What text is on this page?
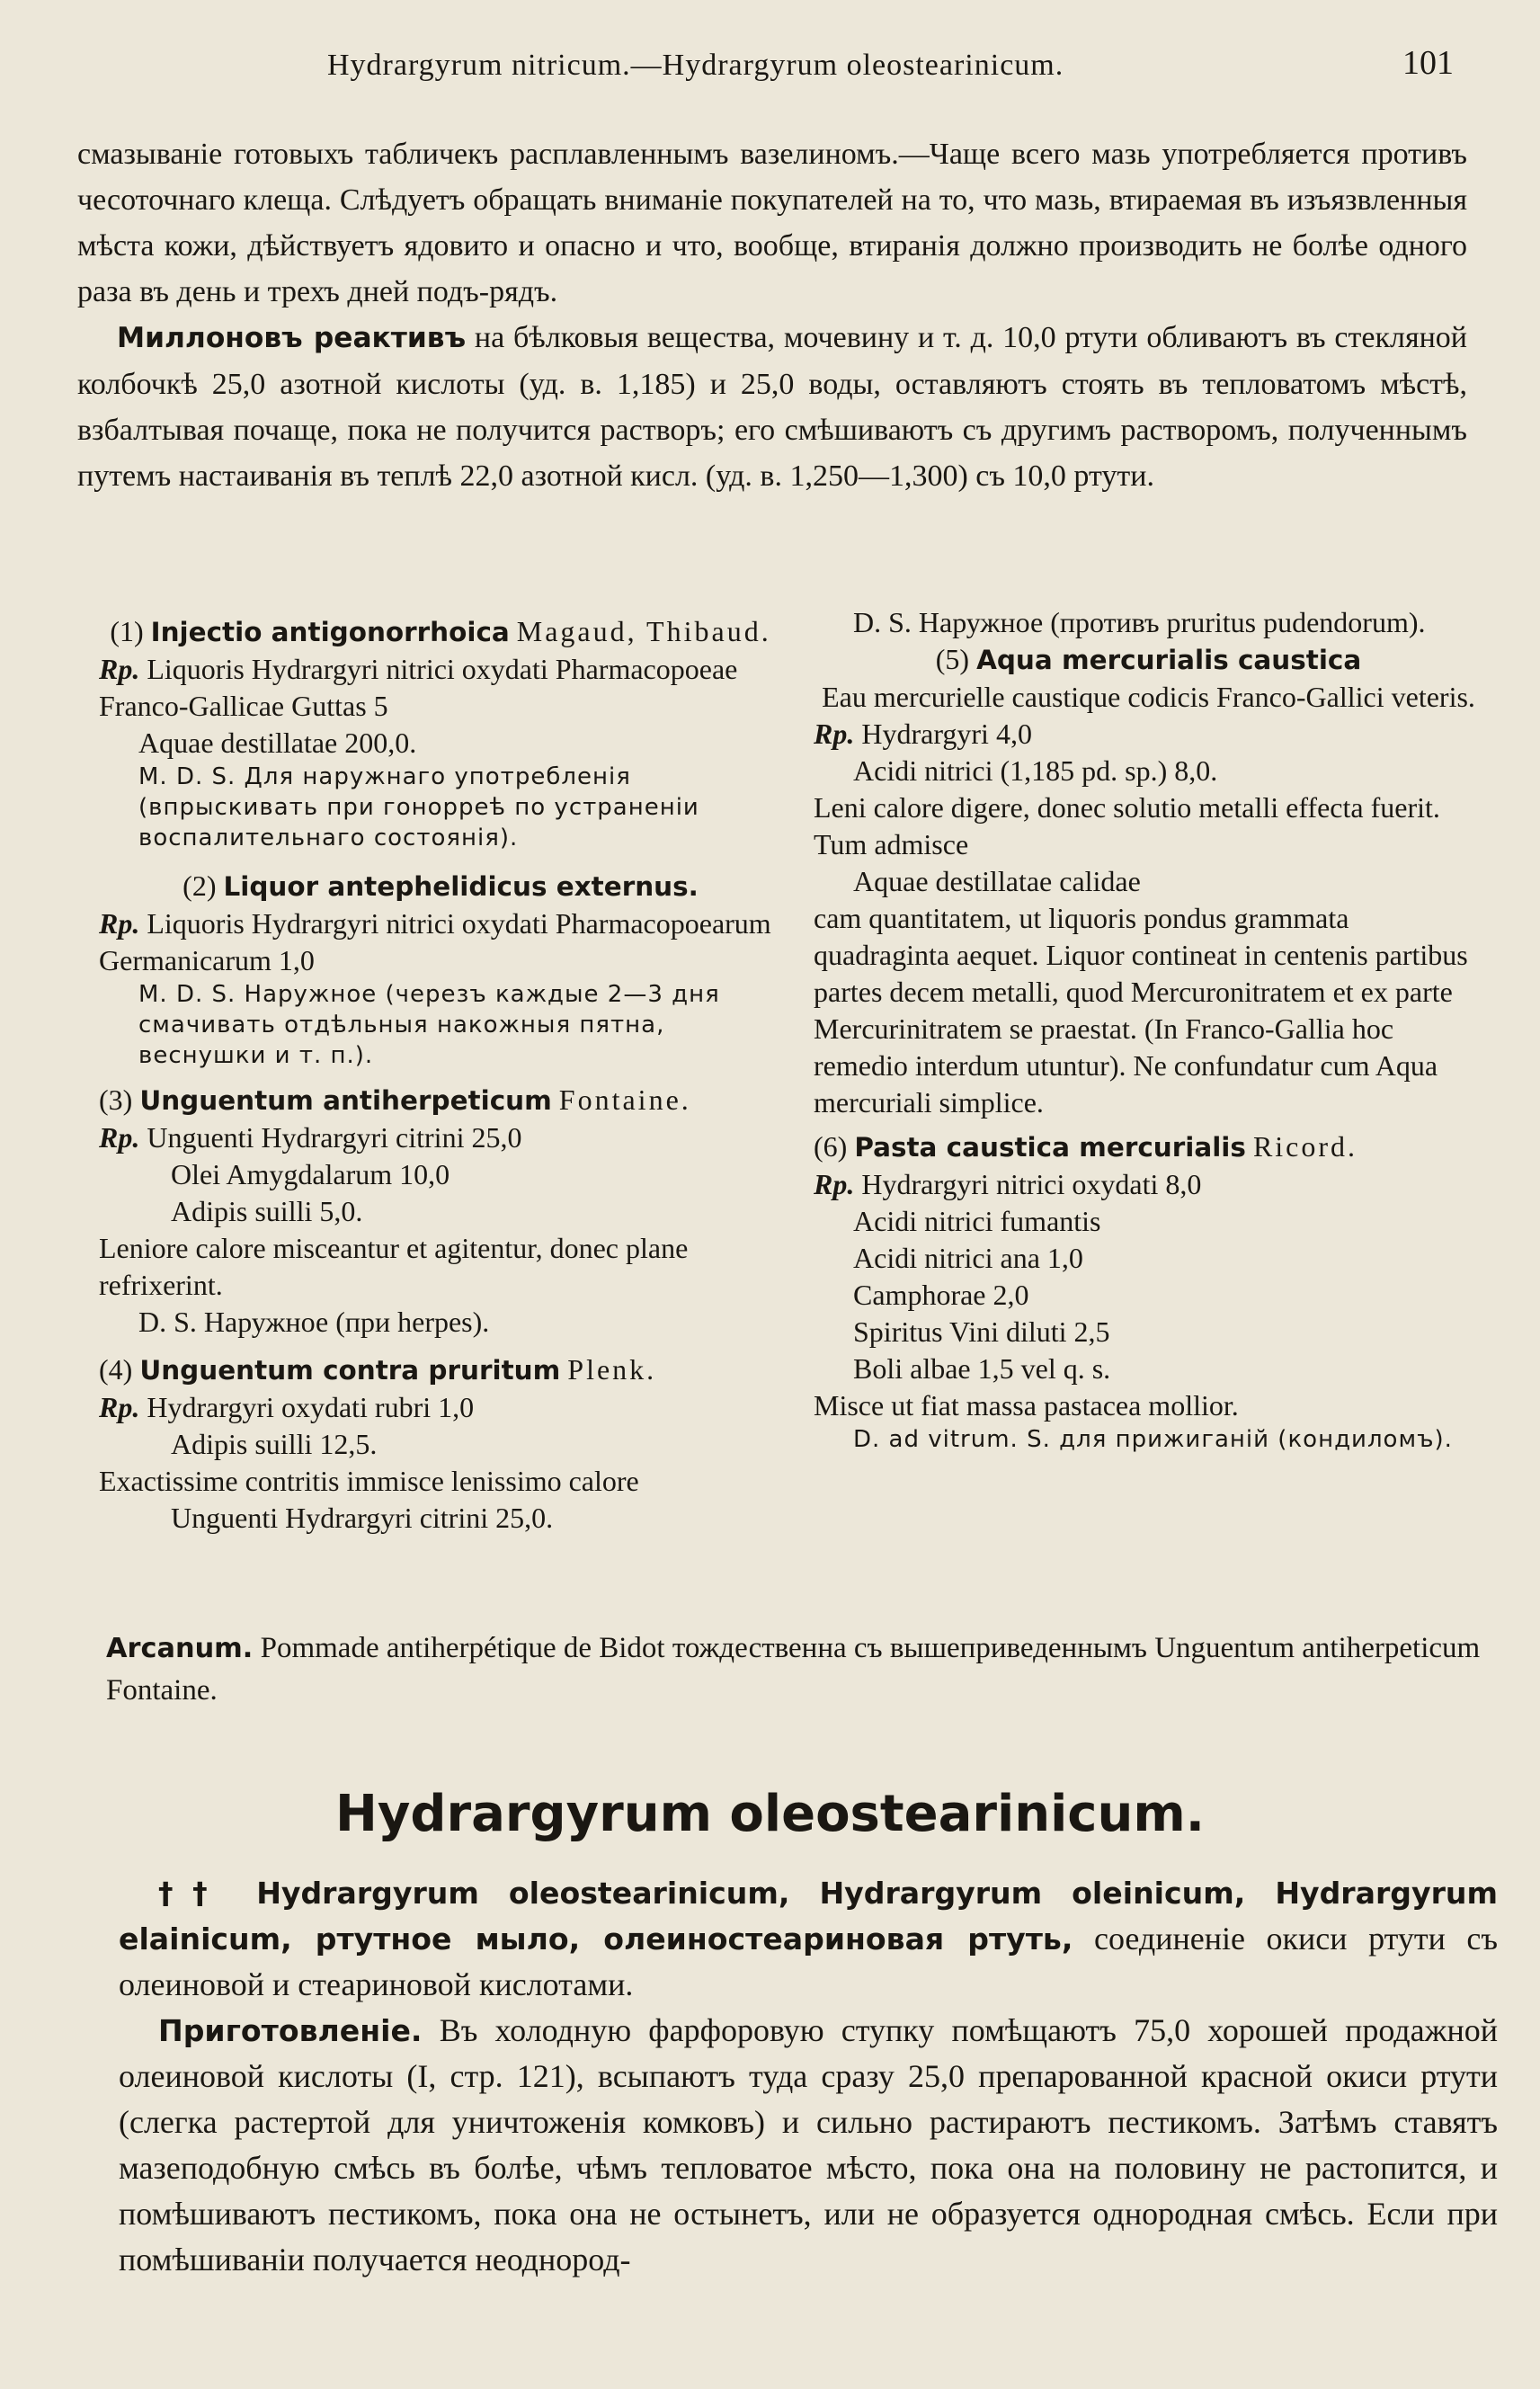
Hydrargyrum nitricum.—Hydrargyrum oleostearinicum.	101

смазываніе готовыхъ табличекъ расплавленнымъ вазелиномъ.—Чаще всего мазь употребляется противъ чесоточнаго клеща. Слѣдуетъ обращать вниманіе покупателей на то, что мазь, втираемая въ изъязвленныя мѣста кожи, дѣйствуетъ ядовито и опасно и что, вообще, втиранія должно производить не болѣе одного раза въ день и трехъ дней подъ-рядъ.

Миллоновъ реактивъ на бѣлковыя вещества, мочевину и т. д. 10,0 ртути обливаютъ въ стекляной колбочкѣ 25,0 азотной кислоты (уд. в. 1,185) и 25,0 воды, оставляютъ стоять въ тепловатомъ мѣстѣ, взбалтывая почаще, пока не получится растворъ; его смѣшиваютъ съ другимъ растворомъ, полученнымъ путемъ настаиванія въ теплѣ 22,0 азотной кисл. (уд. в. 1,250—1,300) съ 10,0 ртути.

(1) Injectio antigonorrhoica Magaud, Thibaud.

Rp. Liquoris Hydrargyri nitrici oxydati Pharmacopoeae Franco-Gallicae Guttas 5

Aquae destillatae 200,0.

M. D. S. Для наружнаго употребленія (впрыскивать при гонорреѣ по устраненіи воспалительнаго состоянія).

(2) Liquor antephelidicus externus.

Rp. Liquoris Hydrargyri nitrici oxydati Pharmacopoearum Germanicarum 1,0

M. D. S. Наружное (черезъ каждые 2—3 дня смачивать отдѣльныя накожныя пятна, веснушки и т. п.).

(3) Unguentum antiherpeticum Fontaine.

Rp. Unguenti Hydrargyri citrini 25,0

Olei Amygdalarum 10,0

Adipis suilli 5,0.

Leniore calore misceantur et agitentur, donec plane refrixerint.

D. S. Наружное (при herpes).

(4) Unguentum contra pruritum Plenk.

Rp. Hydrargyri oxydati rubri 1,0

Adipis suilli 12,5.

Exactissime contritis immisce lenissimo calore

Unguenti Hydrargyri citrini 25,0.

D. S. Наружное (противъ pruritus pudendorum).

(5) Aqua mercurialis caustica

Eau mercurielle caustique codicis Franco-Gallici veteris.

Rp. Hydrargyri 4,0

Acidi nitrici (1,185 pd. sp.) 8,0.

Leni calore digere, donec solutio metalli effecta fuerit.

Tum admisce

Aquae destillatae calidae

cam quantitatem, ut liquoris pondus grammata quadraginta aequet. Liquor contineat in centenis partibus partes decem metalli, quod Mercuronitratem et ex parte Mercurinitratem se praestat. (In Franco-Gallia hoc remedio interdum utuntur). Ne confundatur cum Aqua mercuriali simplice.

(6) Pasta caustica mercurialis Ricord.

Rp. Hydrargyri nitrici oxydati 8,0

Acidi nitrici fumantis

Acidi nitrici ana 1,0

Camphorae 2,0

Spiritus Vini diluti 2,5

Boli albae 1,5 vel q. s.

Misce ut fiat massa pastacea mollior.

D. ad vitrum. S. для прижиганій (кондиломъ).

Arcanum. Pommade antiherpétique de Bidot тождественна съ вышеприведеннымъ Unguentum antiherpeticum Fontaine.
Hydrargyrum oleostearinicum.

†† Hydrargyrum oleostearinicum, Hydrargyrum oleinicum, Hydrargyrum elainicum, ртутное мыло, олеиностеариновая ртуть, соединеніе окиси ртути съ олеиновой и стеариновой кислотами.

Приготовленіе. Въ холодную фарфоровую ступку помѣщаютъ 75,0 хорошей продажной олеиновой кислоты (I, стр. 121), всыпаютъ туда сразу 25,0 препарованной красной окиси ртути (слегка растертой для уничтоженія комковъ) и сильно растираютъ пестикомъ. Затѣмъ ставятъ мазеподобную смѣсь въ болѣе, чѣмъ тепловатое мѣсто, пока она на половину не растопится, и помѣшиваютъ пестикомъ, пока она не остынетъ, или не образуется однородная смѣсь. Если при помѣшиваніи получается неоднород-
